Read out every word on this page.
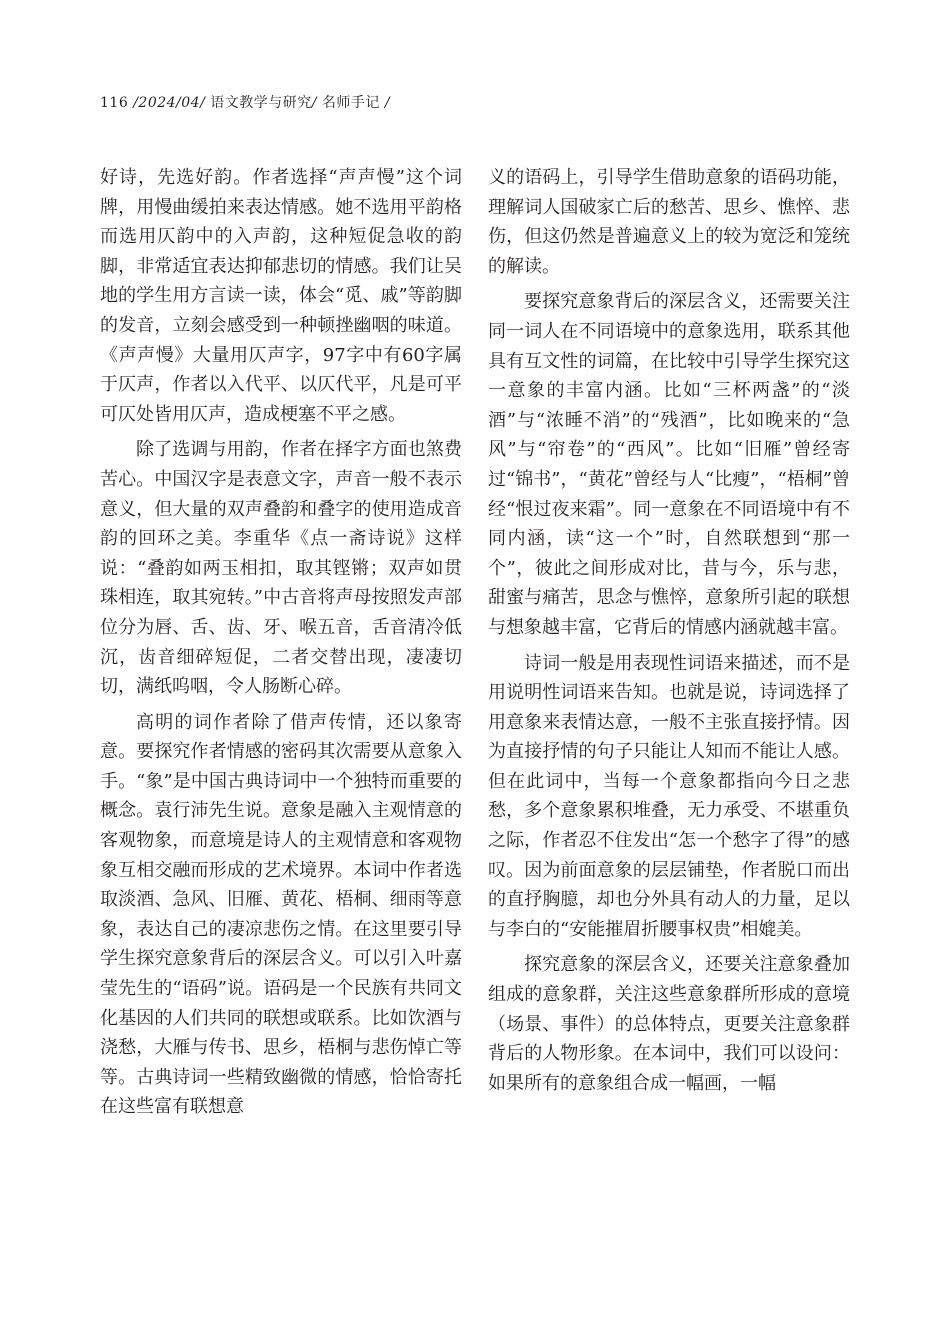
116 /2024/04/ 语文教学与研究/ 名师手记 /

好诗，先选好韵。作者选择“声声慢”这个词牌，用慢曲缓拍来表达情感。她不选用平韵格而选用仄韵中的入声韵，这种短促急收的韵脚，非常适宜表达抑郁悲切的情感。我们让吴地的学生用方言读一读，体会“觅、戚”等韵脚的发音，立刻会感受到一种顿挫幽咽的味道。《声声慢》大量用仄声字，97字中有60字属于仄声，作者以入代平、以仄代平，凡是可平可仄处皆用仄声，造成梗塞不平之感。

除了选调与用韵，作者在择字方面也煞费苦心。中国汉字是表意文字，声音一般不表示意义，但大量的双声叠韵和叠字的使用造成音韵的回环之美。李重华《点一斋诗说》这样说：“叠韵如两玉相扣，取其铿锵；双声如贯珠相连，取其宛转。”中古音将声母按照发声部位分为唇、舌、齿、牙、喉五音，舌音清冷低沉，齿音细碎短促，二者交替出现，凄凄切切，满纸呜咽，令人肠断心碎。

高明的词作者除了借声传情，还以象寄意。要探究作者情感的密码其次需要从意象入手。“象”是中国古典诗词中一个独特而重要的概念。袁行沛先生说。意象是融入主观情意的客观物象，而意境是诗人的主观情意和客观物象互相交融而形成的艺术境界。本词中作者选取淡酒、急风、旧雁、黄花、梧桐、细雨等意象，表达自己的凄凉悲伤之情。在这里要引导学生探究意象背后的深层含义。可以引入叶嘉莹先生的“语码”说。语码是一个民族有共同文化基因的人们共同的联想或联系。比如饮酒与浇愁，大雁与传书、思乡，梧桐与悲伤悼亡等等。古典诗词一些精致幽微的情感，恰恰寄托在这些富有联想意

义的语码上，引导学生借助意象的语码功能，理解词人国破家亡后的愁苦、思乡、憔悴、悲伤，但这仍然是普遍意义上的较为宽泛和笼统的解读。

要探究意象背后的深层含义，还需要关注同一词人在不同语境中的意象选用，联系其他具有互文性的词篇，在比较中引导学生探究这一意象的丰富内涵。比如“三杯两盏”的“淡酒”与“浓睡不消”的“残酒”，比如晚来的“急风”与“帘卷”的“西风”。比如“旧雁”曾经寄过“锦书”，“黄花”曾经与人“比瘦”，“梧桐”曾经“恨过夜来霜”。同一意象在不同语境中有不同内涵，读“这一个”时，自然联想到“那一个”，彼此之间形成对比，昔与今，乐与悲，甜蜜与痛苦，思念与憔悴，意象所引起的联想与想象越丰富，它背后的情感内涵就越丰富。

诗词一般是用表现性词语来描述，而不是用说明性词语来告知。也就是说，诗词选择了用意象来表情达意，一般不主张直接抒情。因为直接抒情的句子只能让人知而不能让人感。但在此词中，当每一个意象都指向今日之悲愁，多个意象累积堆叠，无力承受、不堪重负之际，作者忍不住发出“怎一个愁字了得”的感叹。因为前面意象的层层铺垫，作者脱口而出的直抒胸臆，却也分外具有动人的力量，足以与李白的“安能摧眉折腰事权贵”相媲美。

探究意象的深层含义，还要关注意象叠加组成的意象群，关注这些意象群所形成的意境（场景、事件）的总体特点，更要关注意象群背后的人物形象。在本词中，我们可以设问：如果所有的意象组合成一幅画，一幅
